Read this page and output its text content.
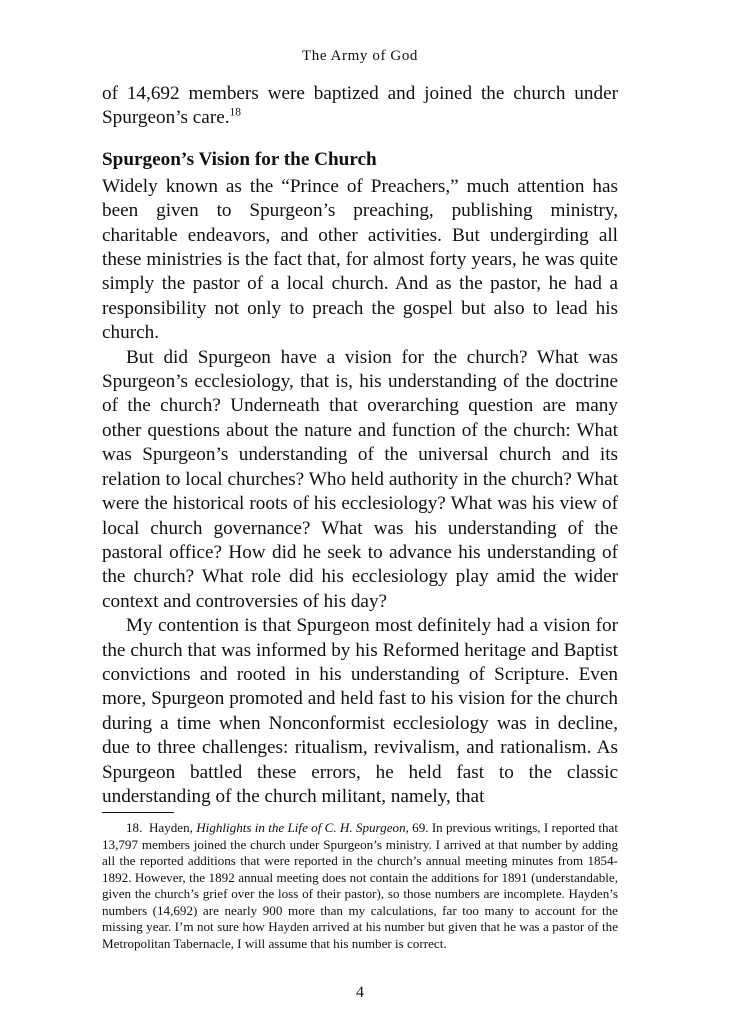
The Army of God

of 14,692 members were baptized and joined the church under Spurgeon’s care.$^{18}$

Spurgeon’s Vision for the Church

Widely known as the “Prince of Preachers,” much attention has been given to Spurgeon’s preaching, publishing ministry, charitable endeavors, and other activities. But undergirding all these ministries is the fact that, for almost forty years, he was quite simply the pastor of a local church. And as the pastor, he had a responsibility not only to preach the gospel but also to lead his church.

But did Spurgeon have a vision for the church? What was Spurgeon’s ecclesiology, that is, his understanding of the doctrine of the church? Underneath that overarching question are many other questions about the nature and function of the church: What was Spurgeon’s understanding of the universal church and its relation to local churches? Who held authority in the church? What were the historical roots of his ecclesiology? What was his view of local church governance? What was his understanding of the pastoral office? How did he seek to advance his understanding of the church? What role did his ecclesiology play amid the wider context and controversies of his day?

My contention is that Spurgeon most definitely had a vision for the church that was informed by his Reformed heritage and Baptist convictions and rooted in his understanding of Scripture. Even more, Spurgeon promoted and held fast to his vision for the church during a time when Nonconformist ecclesiology was in decline, due to three challenges: ritualism, revivalism, and rationalism. As Spurgeon battled these errors, he held fast to the classic understanding of the church militant, namely, that

18. Hayden, Highlights in the Life of C. H. Spurgeon, 69. In previous writings, I reported that 13,797 members joined the church under Spurgeon’s ministry. I arrived at that number by adding all the reported additions that were reported in the church’s annual meeting minutes from 1854-1892. However, the 1892 annual meeting does not contain the additions for 1891 (understandable, given the church’s grief over the loss of their pastor), so those numbers are incomplete. Hayden’s numbers (14,692) are nearly 900 more than my calculations, far too many to account for the missing year. I’m not sure how Hayden arrived at his number but given that he was a pastor of the Metropolitan Tabernacle, I will assume that his number is correct.

4
